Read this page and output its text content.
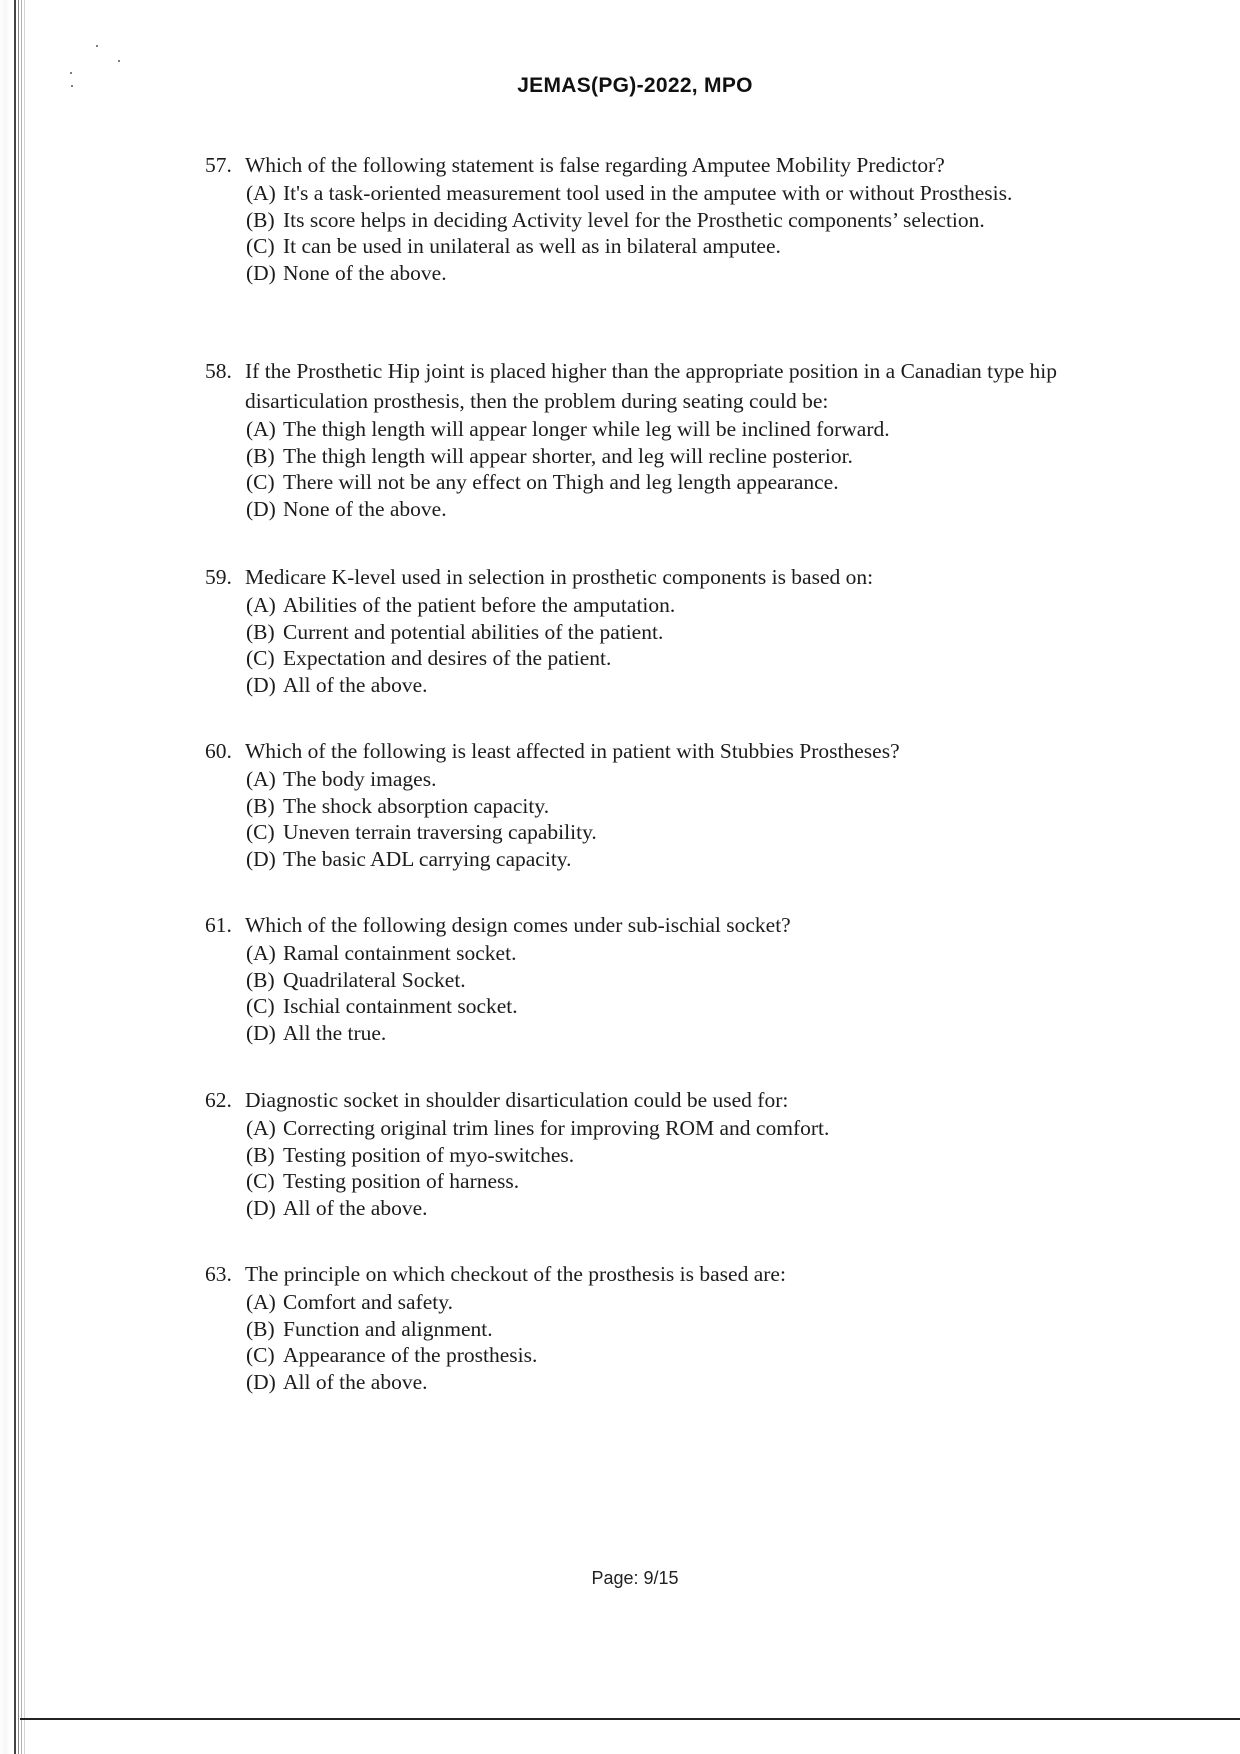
JEMAS(PG)-2022, MPO
57. Which of the following statement is false regarding Amputee Mobility Predictor?
(A) It's a task-oriented measurement tool used in the amputee with or without Prosthesis.
(B) Its score helps in deciding Activity level for the Prosthetic components’ selection.
(C) It can be used in unilateral as well as in bilateral amputee.
(D) None of the above.
58. If the Prosthetic Hip joint is placed higher than the appropriate position in a Canadian type hip disarticulation prosthesis, then the problem during seating could be:
(A) The thigh length will appear longer while leg will be inclined forward.
(B) The thigh length will appear shorter, and leg will recline posterior.
(C) There will not be any effect on Thigh and leg length appearance.
(D) None of the above.
59. Medicare K-level used in selection in prosthetic components is based on:
(A) Abilities of the patient before the amputation.
(B) Current and potential abilities of the patient.
(C) Expectation and desires of the patient.
(D) All of the above.
60. Which of the following is least affected in patient with Stubbies Prostheses?
(A) The body images.
(B) The shock absorption capacity.
(C) Uneven terrain traversing capability.
(D) The basic ADL carrying capacity.
61. Which of the following design comes under sub-ischial socket?
(A) Ramal containment socket.
(B) Quadrilateral Socket.
(C) Ischial containment socket.
(D) All the true.
62. Diagnostic socket in shoulder disarticulation could be used for:
(A) Correcting original trim lines for improving ROM and comfort.
(B) Testing position of myo-switches.
(C) Testing position of harness.
(D) All of the above.
63. The principle on which checkout of the prosthesis is based are:
(A) Comfort and safety.
(B) Function and alignment.
(C) Appearance of the prosthesis.
(D) All of the above.
Page: 9/15
